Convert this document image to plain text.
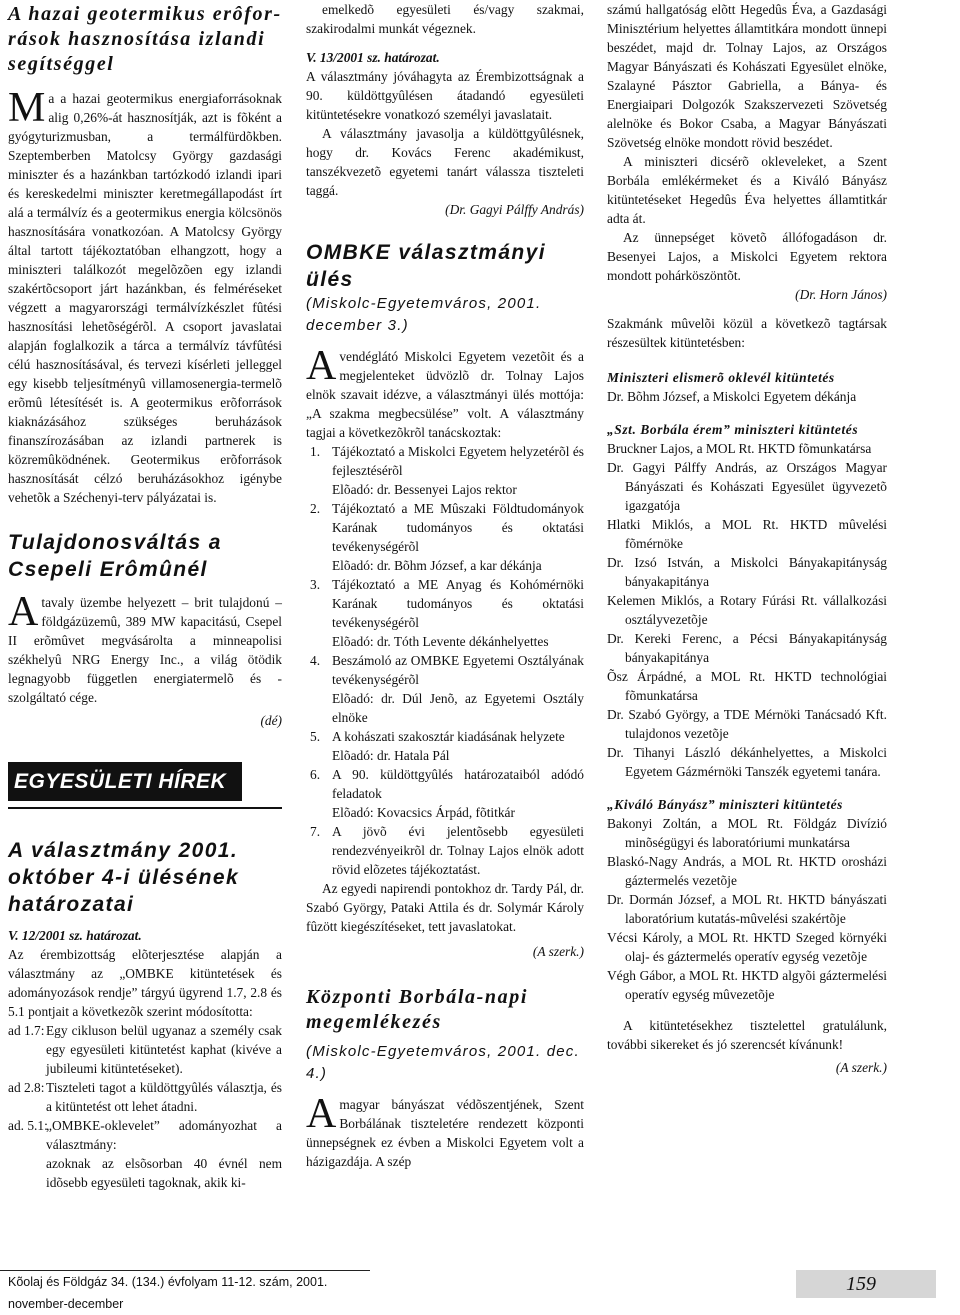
A hazai geotermikus erôfor-rások hasznosítása izlandi segítséggel

Ma a hazai geotermikus energiaforrásoknak alig 0,26%-át hasznosítják, azt is fõként a gyógyturizmusban, a termálfürdõkben. Szeptemberben Matolcsy György gazdasági miniszter és a hazánkban tartózkodó izlandi ipari és kereskedelmi miniszter keretmegállapodást írt alá a termálvíz és a geotermikus energia kölcsönös hasznosítására vonatkozóan. A Matolcsy György által tartott tájékoztatóban elhangzott, hogy a miniszteri találkozót megelõzõen egy izlandi szakértõcsoport járt hazánkban, és felméréseket végzett a magyarországi termálvízkészlet fûtési hasznosítási lehetõségérõl. A csoport javaslatai alapján foglalkozik a tárca a termálvíz távfûtési célú hasznosításával, és tervezi kísérleti jelleggel egy kisebb teljesítményû villamosenergia-termelõ erõmû létesítését is. A geotermikus erõforrások kiaknázásához szükséges beruházások finanszírozásában az izlandi partnerek is közremûködnének. Geotermikus erõforrások hasznosítását célzó beruházásokhoz igénybe vehetõk a Széchenyi-terv pályázatai is.

Tulajdonosváltás a Csepeli Erômûnél

Atavaly üzembe helyezett – brit tulajdonú – földgázüzemû, 389 MW kapacitású, Csepel II erõmûvet megvásárolta a minneapolisi székhelyû NRG Energy Inc., a világ ötödik legnagyobb független energiatermelõ és -szolgáltató cége.

(dé)

EGYESÜLETI HÍREK
A választmány 2001. október 4-i ülésének határozatai

V. 12/2001 sz. határozat.

Az érembizottság elõterjesztése alapján a választmány az „OMBKE kitüntetések és adományozások rendje” tárgyú ügyrend 1.7, 2.8 és 5.1 pontjait a következõk szerint módosította:

ad 1.7: Egy cikluson belül ugyanaz a személy csak egy egyesületi kitüntetést kaphat (kivéve a jubileumi kitüntetéseket).
ad 2.8: Tiszteleti tagot a küldöttgyûlés választja, és a kitüntetést ott lehet átadni.
ad. 5.1:
„OMBKE-oklevelet” adományozhat a választmány:
azoknak az elsõsorban 40 évnél nem idõsebb egyesületi tagoknak, akik ki-

emelkedõ egyesületi és/vagy szakmai, szakirodalmi munkát végeznek.

V. 13/2001 sz. határozat.

A választmány jóváhagyta az Érembizottságnak a 90. küldöttgyûlésen átadandó egyesületi kitüntetésekre vonatkozó személyi javaslatait.

A választmány javasolja a küldöttgyûlésnek, hogy dr. Kovács Ferenc akadémikust, tanszékvezetõ egyetemi tanárt válassza tiszteleti taggá.

(Dr. Gagyi Pálffy András)

OMBKE választmányi ülés

(Miskolc-Egyetemváros, 2001. december 3.)

Avendéglátó Miskolci Egyetem vezetõit és a megjelenteket üdvözlõ dr. Tolnay Lajos elnök szavait idézve, a választmányi ülés mottója: „A szakma megbecsülése” volt. A választmány tagjai a következõkrõl tanácskoztak:

1. Tájékoztató a Miskolci Egyetem helyzetérõl és fejlesztésérõl
Elõadó: dr. Bessenyei Lajos rektor
2. Tájékoztató a ME Mûszaki Földtudományok Karának tudományos és oktatási tevékenységérõl
Elõadó: dr. Bõhm József, a kar dékánja
3. Tájékoztató a ME Anyag és Kohómérnöki Karának tudományos és oktatási tevékenységérõl
Elõadó: dr. Tóth Levente dékánhelyettes
4. Beszámoló az OMBKE Egyetemi Osztályának tevékenységérõl
Elõadó: dr. Dúl Jenõ, az Egyetemi Osztály elnöke
5. A kohászati szakosztár kiadásának helyzete
Elõadó: dr. Hatala Pál
6. A 90. küldöttgyûlés határozataiból adódó feladatok
Elõadó: Kovacsics Árpád, fõtitkár
7. A jövõ évi jelentõsebb egyesületi rendezvényeikrõl dr. Tolnay Lajos elnök adott rövid elõzetes tájékoztatást.

Az egyedi napirendi pontokhoz dr. Tardy Pál, dr. Szabó György, Pataki Attila és dr. Solymár Károly fûzött kiegészítéseket, tett javaslatokat.

(A szerk.)

Központi Borbála-napi megemlékezés

(Miskolc-Egyetemváros, 2001. dec. 4.)

Amagyar bányászat védõszentjének, Szent Borbálának tiszteletére rendezett központi ünnepségnek ez évben a Miskolci Egyetem volt a házigazdája. A szép

számú hallgatóság elõtt Hegedûs Éva, a Gazdasági Minisztérium helyettes államtitkára mondott ünnepi beszédet, majd dr. Tolnay Lajos, az Országos Magyar Bányászati és Kohászati Egyesület elnöke, Szalayné Pásztor Gabriella, a Bánya- és Energiaipari Dolgozók Szakszervezeti Szövetség alelnöke és Bokor Csaba, a Magyar Bányászati Szövetség elnöke mondott rövid beszédet.

A miniszteri dicsérõ okleveleket, a Szent Borbála emlékérmeket és a Kiváló Bányász kitüntetéseket Hegedûs Éva helyettes államtitkár adta át.

Az ünnepséget követõ állófogadáson dr. Besenyei Lajos, a Miskolci Egyetem rektora mondott pohárköszöntõt.

(Dr. Horn János)

Szakmánk mûvelõi közül a következõ tagtársak részesültek kitüntetésben:

Miniszteri elismerõ oklevél kitüntetés

Dr. Bõhm József, a Miskolci Egyetem dékánja

„Szt. Borbála érem” miniszteri kitüntetés

Bruckner Lajos, a MOL Rt. HKTD fõmunkatársa

Dr. Gagyi Pálffy András, az Országos Magyar Bányászati és Kohászati Egyesület ügyvezetõ igazgatója

Hlatki Miklós, a MOL Rt. HKTD mûvelési fõmérnöke

Dr. Izsó István, a Miskolci Bányakapitányság bányakapitánya

Kelemen Miklós, a Rotary Fúrási Rt. vállalkozási osztályvezetõje

Dr. Kereki Ferenc, a Pécsi Bányakapitányság bányakapitánya

Õsz Árpádné, a MOL Rt. HKTD technológiai fõmunkatársa

Dr. Szabó György, a TDE Mérnöki Tanácsadó Kft. tulajdonos vezetõje

Dr. Tihanyi László dékánhelyettes, a Miskolci Egyetem Gázmérnöki Tanszék egyetemi tanára.

„Kiváló Bányász” miniszteri kitüntetés

Bakonyi Zoltán, a MOL Rt. Földgáz Divízió minõségügyi és laboratóriumi munkatársa

Blaskó-Nagy András, a MOL Rt. HKTD orosházi gáztermelés vezetõje

Dr. Dormán József, a MOL Rt. HKTD bányászati laboratórium kutatás-mûvelési szakértõje

Vécsi Károly, a MOL Rt. HKTD Szeged környéki olaj- és gáztermelés operatív egység vezetõje

Végh Gábor, a MOL Rt. HKTD algyõi gáztermelési operatív egység mûvezetõje

A kitüntetésekhez tisztelettel gratulálunk, további sikereket és jó szerencsét kívánunk!

(A szerk.)

Kõolaj és Földgáz 34. (134.) évfolyam 11-12. szám, 2001. november-december
159
